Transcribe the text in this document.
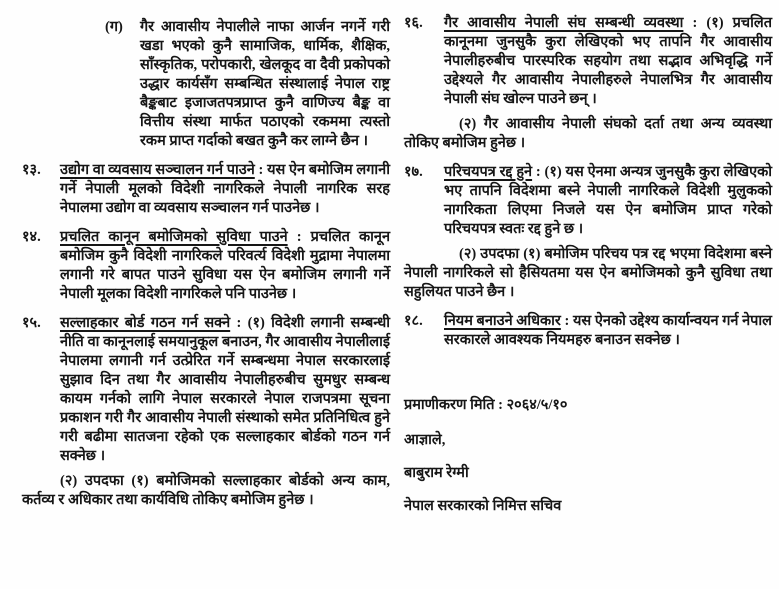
(ग) गैर आवासीय नेपालीले नाफा आर्जन नगर्ने गरी खडा भएको कुनै सामाजिक, धार्मिक, शैक्षिक, साँस्कृतिक, परोपकारी, खेलकूद वा दैवी प्रकोपको उद्धार कार्यसँग सम्बन्धित संस्थालाई नेपाल राष्ट्र बैङ्कबाट इजाजतपत्रप्राप्त कुनै वाणिज्य बैङ्क वा वित्तीय संस्था मार्फत पठाएको रकममा त्यस्तो रकम प्राप्त गर्दाको बखत कुनै कर लाग्ने छैन ।
१३.	उद्योग वा व्यवसाय सञ्चालन गर्न पाउने : यस ऐन बमोजिम लगानी गर्ने नेपाली मूलको विदेशी नागरिकले नेपाली नागरिक सरह नेपालमा उद्योग वा व्यवसाय सञ्चालन गर्न पाउनेछ ।
१४.	प्रचलित कानून बमोजिमको सुविधा पाउने : प्रचलित कानून बमोजिम कुनै विदेशी नागरिकले परिवर्त्य विदेशी मुद्रामा नेपालमा लगानी गरे बापत पाउने सुविधा यस ऐन बमोजिम लगानी गर्ने नेपाली मूलका विदेशी नागरिकले पनि पाउनेछ ।
१५.	सल्लाहकार बोर्ड गठन गर्न सक्ने : (१) विदेशी लगानी सम्बन्धी नीति वा कानूनलाई समयानुकूल बनाउन, गैर आवासीय नेपालीलाई नेपालमा लगानी गर्न उत्प्रेरित गर्ने सम्बन्धमा नेपाल सरकारलाई सुझाव दिन तथा गैर आवासीय नेपालीहरुबीच सुमधुर सम्बन्ध कायम गर्नको लागि नेपाल सरकारले नेपाल राजपत्रमा सूचना प्रकाशन गरी गैर आवासीय नेपाली संस्थाको समेत प्रतिनिधित्व हुने गरी बढीमा सातजना रहेको एक सल्लाहकार बोर्डको गठन गर्न सक्नेछ ।
(२) उपदफा (१) बमोजिमको सल्लाहकार बोर्डको अन्य काम, कर्तव्य र अधिकार तथा कार्यविधि तोकिए बमोजिम हुनेछ ।
१६.	गैर आवासीय नेपाली संघ सम्बन्धी व्यवस्था : (१) प्रचलित कानूनमा जुनसुकै कुरा लेखिएको भए तापनि गैर आवासीय नेपालीहरुबीच पारस्परिक सहयोग तथा सद्भाव अभिवृद्धि गर्ने उद्देश्यले गैर आवासीय नेपालीहरुले नेपालभित्र गैर आवासीय नेपाली संघ खोल्न पाउने छन् ।
(२) गैर आवासीय नेपाली संघको दर्ता तथा अन्य व्यवस्था तोकिए बमोजिम हुनेछ ।
१७.	परिचयपत्र रद्द हुने : (१) यस ऐनमा अन्यत्र जुनसुकै कुरा लेखिएको भए तापनि विदेशमा बस्ने नेपाली नागरिकले विदेशी मुलुकको नागरिकता लिएमा निजले यस ऐन बमोजिम प्राप्त गरेको परिचयपत्र स्वतः रद्द हुने छ ।
(२) उपदफा (१) बमोजिम परिचय पत्र रद्द भएमा विदेशमा बस्ने नेपाली नागरिकले सो हैसियतमा यस ऐन बमोजिमको कुनै सुविधा तथा सहुलियत पाउने छैन ।
१८.	नियम बनाउने अधिकार : यस ऐनको उद्देश्य कार्यान्वयन गर्न नेपाल सरकारले आवश्यक नियमहरु बनाउन सक्नेछ ।
प्रमाणीकरण मिति : २०६४/५/१०
आज्ञाले,
बाबुराम रेग्मी
नेपाल सरकारको निमित्त सचिव
